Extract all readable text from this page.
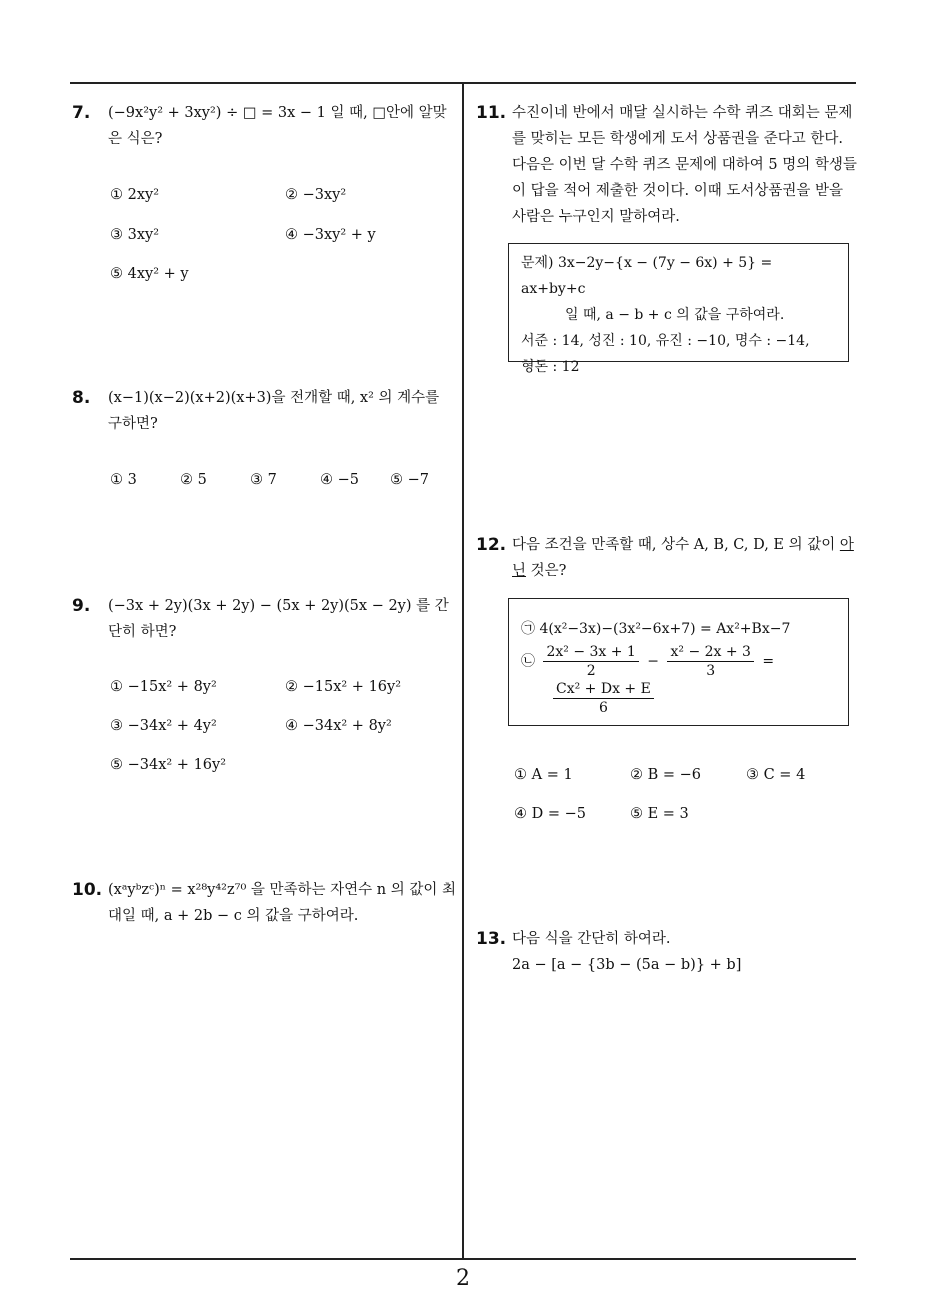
7. (−9x²y² + 3xy²) ÷ □ = 3x − 1 일 때, □안에 알맞은 식은?
① 2xy²	② −3xy²
③ 3xy²	④ −3xy² + y
⑤ 4xy² + y
8. (x−1)(x−2)(x+2)(x+3)을 전개할 때, x² 의 계수를 구하면?
① 3	② 5	③ 7	④ −5 ⑤ −7
9. (−3x + 2y)(3x + 2y) − (5x + 2y)(5x − 2y) 를 간단히 하면?
① −15x² + 8y²	② −15x² + 16y²
③ −34x² + 4y²	④ −34x² + 8y²
⑤ −34x² + 16y²
10. (xᵃyᵇzᶜ)ⁿ = x²⁸y⁴²z⁷⁰ 을 만족하는 자연수 n 의 값이 최대일 때, a + 2b − c 의 값을 구하여라.
11. 수진이네 반에서 매달 실시하는 수학 퀴즈 대회는 문제를 맞히는 모든 학생에게 도서 상품권을 준다고 한다. 다음은 이번 달 수학 퀴즈 문제에 대하여 5 명의 학생들이 답을 적어 제출한 것이다. 이때 도서상품권을 받을 사람은 누구인지 말하여라.
문제) 3x−2y−{x − (7y − 6x) + 5} = ax+by+c
일 때, a − b + c 의 값을 구하여라.
서준 : 14, 성진 : 10, 유진 : −10, 명수 : −14,
형돈 : 12
12. 다음 조건을 만족할 때, 상수 A, B, C, D, E 의 값이 아닌 것은?
㉠ 4(x²−3x)−(3x²−6x+7) = Ax²+Bx−7
㉡ $\frac{\text{2x² − 3x + 1}}{2} - \frac{\text{x² − 2x + 3}}{3}$ =
$\frac{\text{Cx² + Dx + E}}{6}$
① A = 1	② B = −6	③ C = 4
④ D = −5	⑤ E = 3
13. 다음 식을 간단히 하여라.
2a − [a − {3b − (5a − b)} + b]
2
